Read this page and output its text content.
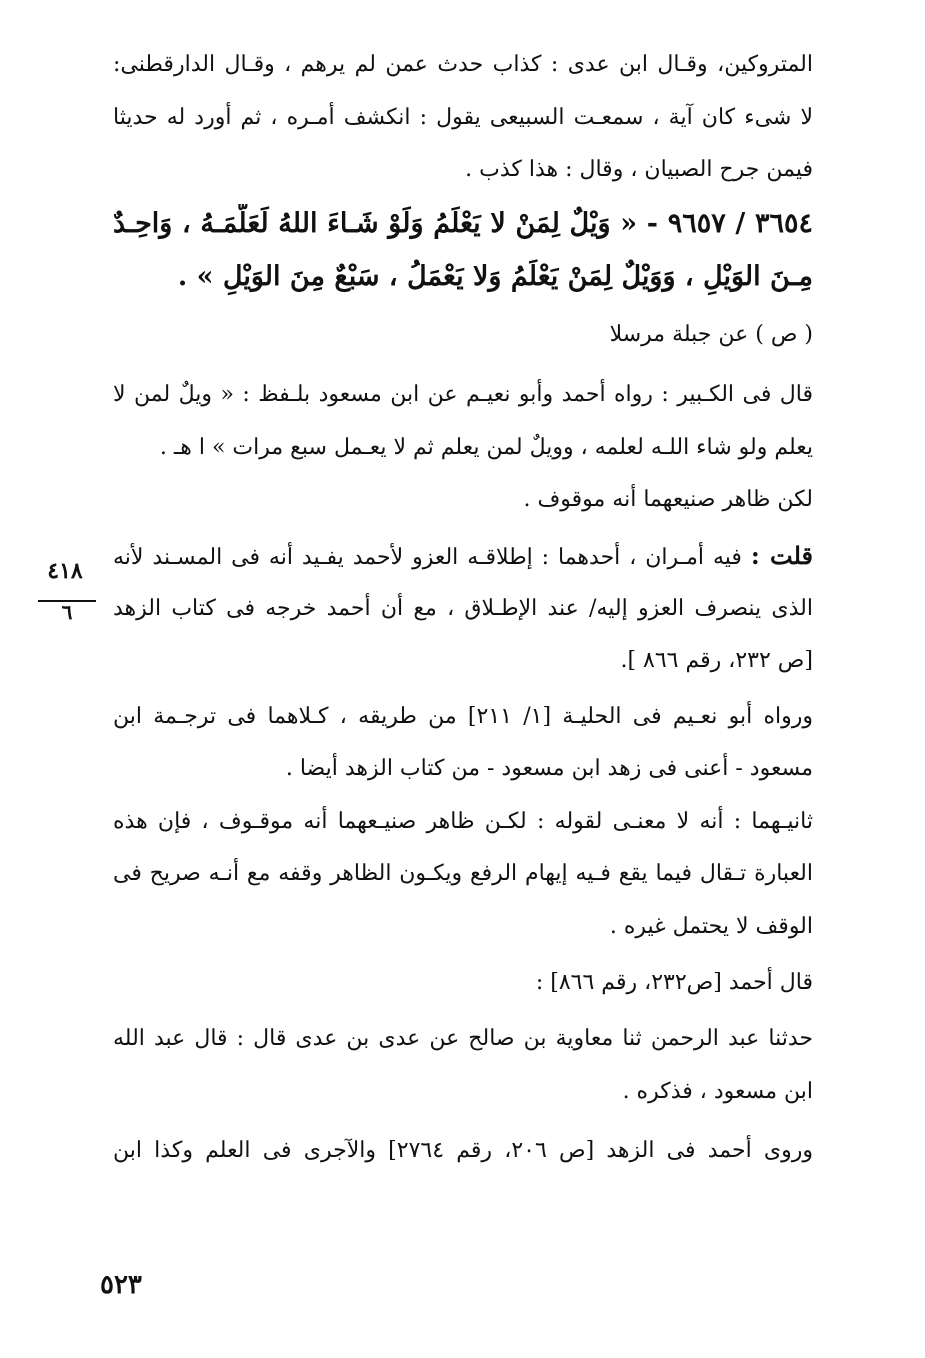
المتروكين، وقـال ابن عدى : كذاب حدث عمن لم يرهم ، وقـال الدارقطنى:
لا شىء كان آية ، سمعـت السبيعى يقول : انكشف أمـره ، ثم أورد له حديثا
فيمن جرح الصبيان ، وقال : هذا كذب .
٣٦٥٤ / ٩٦٥٧ - « وَيْلٌ لِمَنْ لا يَعْلَمُ وَلَوْ شَـاءَ اللهُ لَعَلَّمَـهُ ، وَاحِـدٌ
مِـنَ الوَيْلِ ، وَوَيْلٌ لِمَنْ يَعْلَمُ وَلا يَعْمَلُ ، سَبْعٌ مِنَ الوَيْلِ » .
( ص ) عن جبلة مرسلا
قال فى الكـبير : رواه أحمد وأبو نعيـم عن ابن مسعود بلـفظ : « ويلٌ لمن لا
يعلم ولو شاء اللـه لعلمه ، وويلٌ لمن يعلم ثم لا يعـمل سبع مرات » ا هـ .
لكن ظاهر صنيعهما أنه موقوف .
قلت : فيه أمـران ، أحدهما : إطلاقـه العزو لأحمد يفـيد أنه فى المسـند لأنه
الذى ينصرف العزو إليه/ عند الإطـلاق ، مع أن أحمد خرجه فى كتاب الزهد
[ص ٢٣٢، رقم ٨٦٦ ].
ورواه أبو نعـيم فى الحليـة [١/ ٢١١] من طريقه ، كـلاهما فى ترجـمة ابن
مسعود - أعنى فى زهد ابن مسعود - من كتاب الزهد أيضا .
ثانيـهما : أنه لا معنـى لقوله : لكـن ظاهر صنيـعهما أنه موقـوف ، فإن هذه
العبارة تـقال فيما يقع فـيه إيهام الرفع ويكـون الظاهر وقفه مع أنـه صريح فى
الوقف لا يحتمل غيره .
قال أحمد [ص٢٣٢، رقم ٨٦٦] :
حدثنا عبد الرحمن ثنا معاوية بن صالح عن عدى بن عدى قال : قال عبد الله
ابن مسعود ، فذكره .
وروى أحمد فى الزهد [ص ٢٠٦، رقم ٢٧٦٤] والآجرى فى العلم وكذا ابن
٤١٨
٦
٥٢٣
